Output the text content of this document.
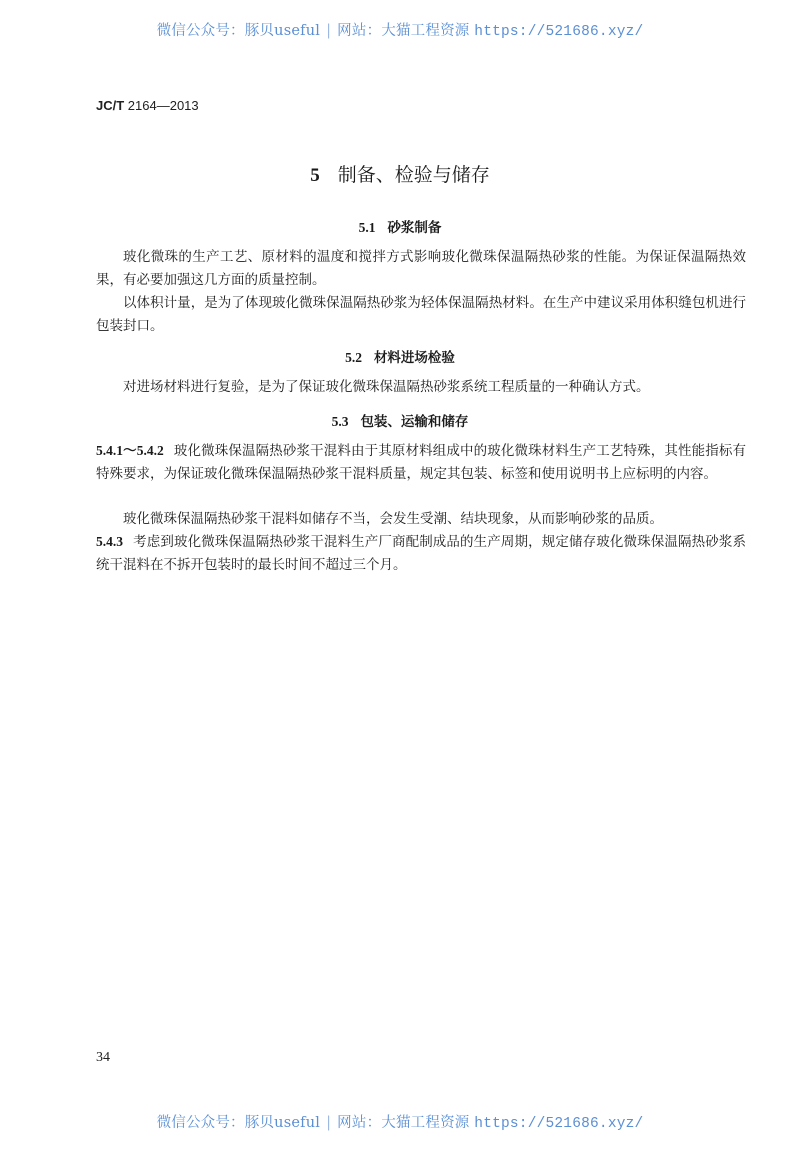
微信公众号：豚贝useful | 网站：大猫工程资源 https://521686.xyz/
JC/T 2164—2013
5 制备、检验与储存
5.1 砂浆制备
玻化微珠的生产工艺、原材料的温度和搅拌方式影响玻化微珠保温隔热砂浆的性能。为保证保温隔热效果，有必要加强这几方面的质量控制。
以体积计量，是为了体现玻化微珠保温隔热砂浆为轻体保温隔热材料。在生产中建议采用体积缝包机进行包装封口。
5.2 材料进场检验
对进场材料进行复验，是为了保证玻化微珠保温隔热砂浆系统工程质量的一种确认方式。
5.3 包装、运输和储存
5.4.1～5.4.2 玻化微珠保温隔热砂浆干混料由于其原材料组成中的玻化微珠材料生产工艺特殊，其性能指标有特殊要求，为保证玻化微珠保温隔热砂浆干混料质量，规定其包装、标签和使用说明书上应标明的内容。
玻化微珠保温隔热砂浆干混料如储存不当，会发生受潮、结块现象，从而影响砂浆的品质。
5.4.3 考虑到玻化微珠保温隔热砂浆干混料生产厂商配制成品的生产周期，规定储存玻化微珠保温隔热砂浆系统干混料在不拆开包装时的最长时间不超过三个月。
34
微信公众号：豚贝useful | 网站：大猫工程资源 https://521686.xyz/
